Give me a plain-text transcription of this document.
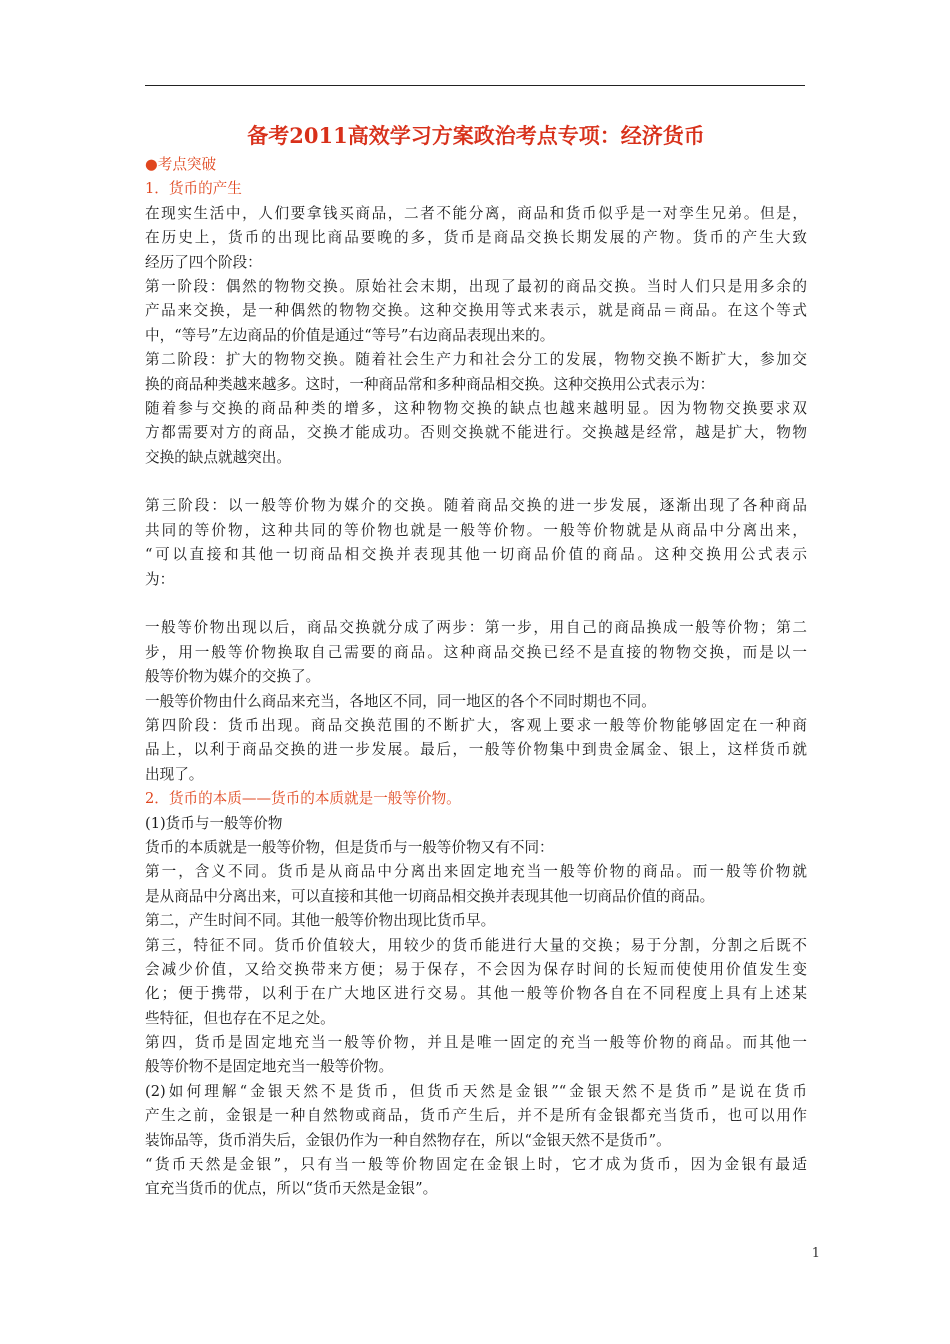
备考2011高效学习方案政治考点专项：经济货币
●考点突破
1．货币的产生
在现实生活中，人们要拿钱买商品，二者不能分离，商品和货币似乎是一对孪生兄弟。但是，
在历史上，货币的出现比商品要晚的多，货币是商品交换长期发展的产物。货币的产生大致
经历了四个阶段：
第一阶段：偶然的物物交换。原始社会末期，出现了最初的商品交换。当时人们只是用多余的
产品来交换，是一种偶然的物物交换。这种交换用等式来表示，就是商品＝商品。在这个等式
中，“等号”左边商品的价值是通过“等号”右边商品表现出来的。
第二阶段：扩大的物物交换。随着社会生产力和社会分工的发展，物物交换不断扩大，参加交
换的商品种类越来越多。这时，一种商品常和多种商品相交换。这种交换用公式表示为：
随着参与交换的商品种类的增多，这种物物交换的缺点也越来越明显。因为物物交换要求双
方都需要对方的商品，交换才能成功。否则交换就不能进行。交换越是经常，越是扩大，物物
交换的缺点就越突出。
第三阶段：以一般等价物为媒介的交换。随着商品交换的进一步发展，逐渐出现了各种商品
共同的等价物，这种共同的等价物也就是一般等价物。一般等价物就是从商品中分离出来，
“可以直接和其他一切商品相交换并表现其他一切商品价值的商品。这种交换用公式表示
为：
一般等价物出现以后，商品交换就分成了两步：第一步，用自己的商品换成一般等价物；第二
步，用一般等价物换取自己需要的商品。这种商品交换已经不是直接的物物交换，而是以一
般等价物为媒介的交换了。
一般等价物由什么商品来充当，各地区不同，同一地区的各个不同时期也不同。
第四阶段：货币出现。商品交换范围的不断扩大，客观上要求一般等价物能够固定在一种商
品上，以利于商品交换的进一步发展。最后，一般等价物集中到贵金属金、银上，这样货币就
出现了。
2．货币的本质——货币的本质就是一般等价物。
(1)货币与一般等价物
货币的本质就是一般等价物，但是货币与一般等价物又有不同：
第一，含义不同。货币是从商品中分离出来固定地充当一般等价物的商品。而一般等价物就
是从商品中分离出来，可以直接和其他一切商品相交换并表现其他一切商品价值的商品。
第二，产生时间不同。其他一般等价物出现比货币早。
第三，特征不同。货币价值较大，用较少的货币能进行大量的交换；易于分割，分割之后既不
会减少价值，又给交换带来方便；易于保存，不会因为保存时间的长短而使使用价值发生变
化；便于携带，以利于在广大地区进行交易。其他一般等价物各自在不同程度上具有上述某
些特征，但也存在不足之处。
第四，货币是固定地充当一般等价物，并且是唯一固定的充当一般等价物的商品。而其他一
般等价物不是固定地充当一般等价物。
(2)如何理解“金银天然不是货币，但货币天然是金银”“金银天然不是货币”是说在货币
产生之前，金银是一种自然物或商品，货币产生后，并不是所有金银都充当货币，也可以用作
装饰品等，货币消失后，金银仍作为一种自然物存在，所以“金银天然不是货币”。
“货币天然是金银”，只有当一般等价物固定在金银上时，它才成为货币，因为金银有最适
宜充当货币的优点，所以“货币天然是金银”。
1
